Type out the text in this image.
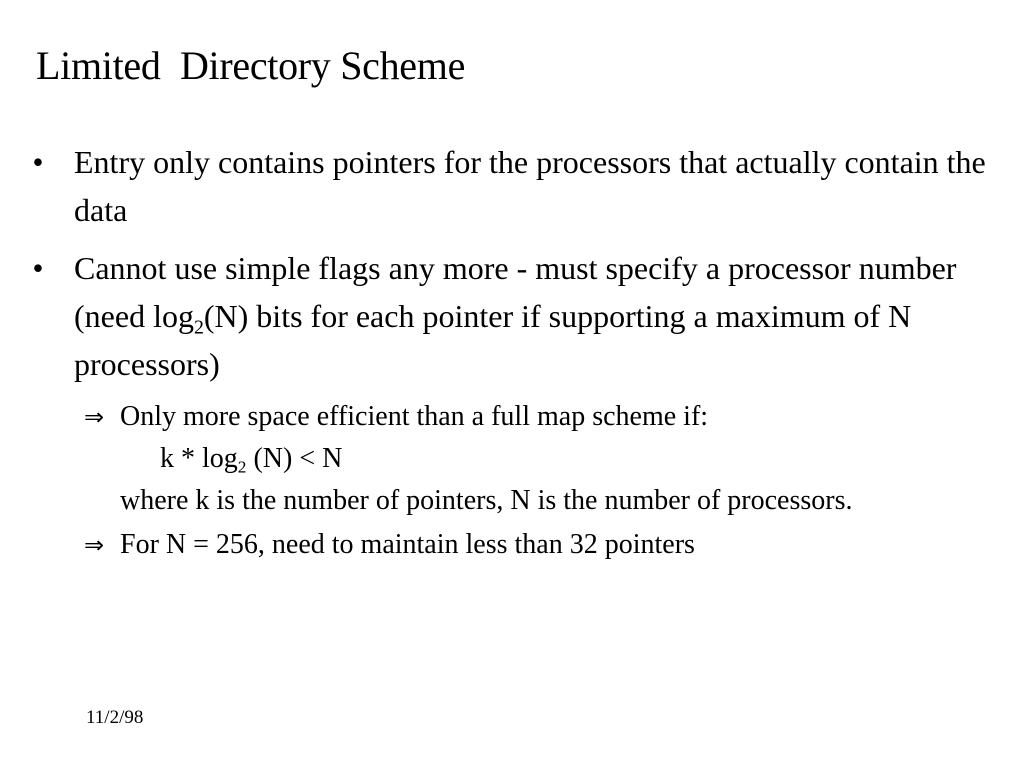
Limited  Directory Scheme
• Entry only contains pointers for the processors that actually contain the data
• Cannot use simple flags any more - must specify a processor number (need $\log_2(N)$ bits for each pointer if supporting a maximum of N processors)
⇒ Only more space efficient than a full map scheme if:
$k * \log_2 (N) < N$
where k is the number of pointers, N is the number of processors.
⇒ For N = 256, need to maintain less than 32 pointers
11/2/98
